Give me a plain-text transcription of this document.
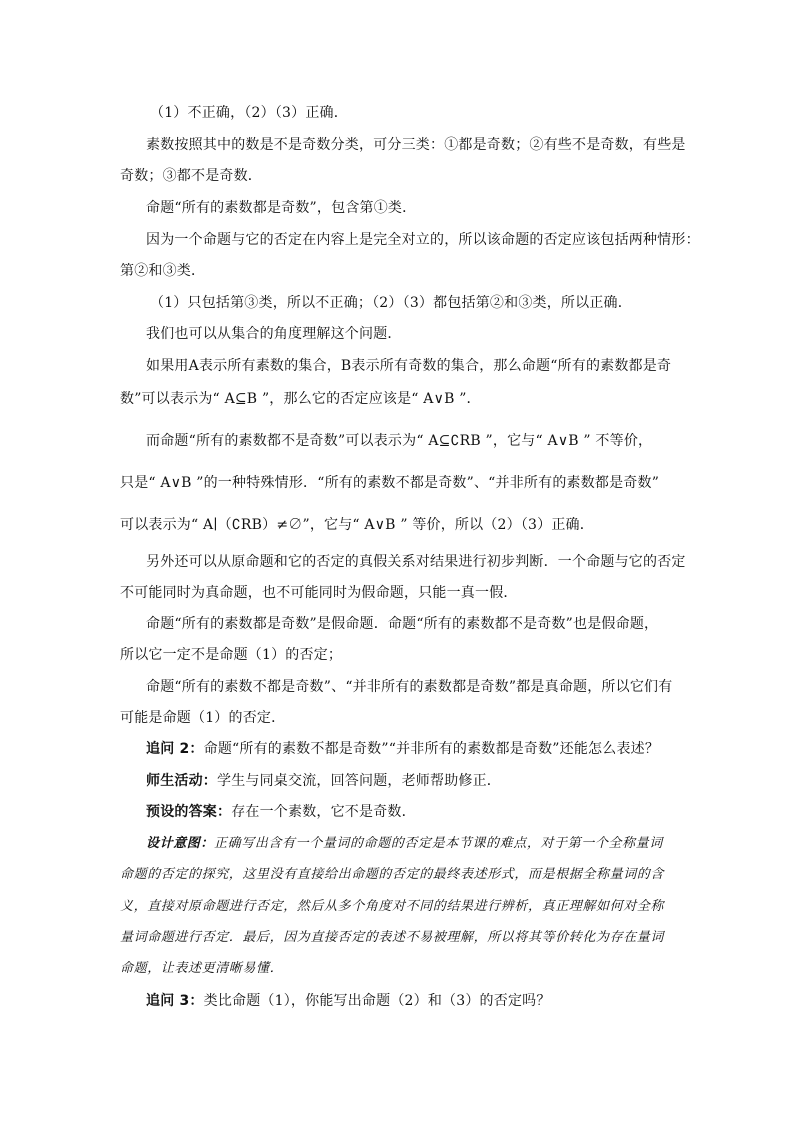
（1）不正确，（2）（3）正确．
素数按照其中的数是不是奇数分类，可分三类：①都是奇数；②有些不是奇数，有些是
奇数；③都不是奇数．
命题“所有的素数都是奇数”，包含第①类．
因为一个命题与它的否定在内容上是完全对立的，所以该命题的否定应该包括两种情形：
第②和③类．
（1）只包括第③类，所以不正确；（2）（3）都包括第②和③类，所以正确．
我们也可以从集合的角度理解这个问题．
如果用A表示所有素数的集合，B表示所有奇数的集合，那么命题“所有的素数都是奇
数”可以表示为“ A⊆B ”，那么它的否定应该是“ A∨B ”．
而命题“所有的素数都不是奇数”可以表示为“ A⊆∁RB ”，它与“ A∨B ” 不等价，
只是“ A∨B ”的一种特殊情形．“所有的素数不都是奇数”、“并非所有的素数都是奇数”
可以表示为“ A∣（∁RB）≠∅”，它与“ A∨B ” 等价，所以（2）（3）正确．
另外还可以从原命题和它的否定的真假关系对结果进行初步判断．一个命题与它的否定
不可能同时为真命题，也不可能同时为假命题，只能一真一假．
命题“所有的素数都是奇数”是假命题．命题“所有的素数都不是奇数”也是假命题，
所以它一定不是命题（1）的否定；
命题“所有的素数不都是奇数”、“并非所有的素数都是奇数”都是真命题，所以它们有
可能是命题（1）的否定．
追问 2：命题“所有的素数不都是奇数”“并非所有的素数都是奇数”还能怎么表述？
师生活动：学生与同桌交流，回答问题，老师帮助修正．
预设的答案：存在一个素数，它不是奇数．
设计意图：正确写出含有一个量词的命题的否定是本节课的难点，对于第一个全称量词
命题的否定的探究，这里没有直接给出命题的否定的最终表述形式，而是根据全称量词的含
义，直接对原命题进行否定，然后从多个角度对不同的结果进行辨析，真正理解如何对全称
量词命题进行否定．最后，因为直接否定的表述不易被理解，所以将其等价转化为存在量词
命题，让表述更清晰易懂．
追问 3：类比命题（1），你能写出命题（2）和（3）的否定吗？
